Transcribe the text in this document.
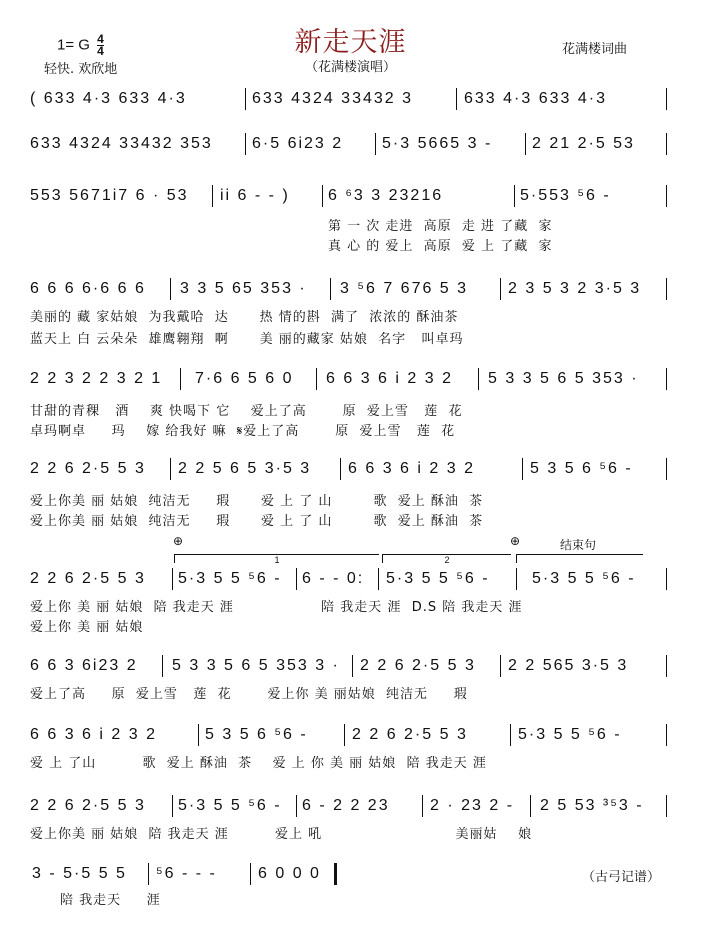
新走天涯
（花满楼演唱）
1= G $\frac{4}{4}$
轻快. 欢欣地
花满楼词曲
（古弓记谱）
( 633 4·3 633 4·3	633 4324 33432 3	633 4·3 633 4·3
633 4324 33432 353 6·5 6i23 2 5·3 5665 3 - 2 21 2·5 53
553 5671i7 6 · 53 ii 6 - - ) 6 ⁶3 3 23216	5·553 ⁵6 -
第 一 次 走进  高原  走 进 了藏  家
真 心 的 爱上  高原  爱 上 了藏  家
6 6 6 6·6 6 6 3 3 5 65 353 · 3 ⁵6 7 676 5 3 2 3 5 3 2 3·5 3
美丽的 藏 家姑娘  为我戴哈  达      热 情的斟  满了  浓浓的 酥油茶
蓝天上 白 云朵朵  雄鹰翱翔  啊      美 丽的藏家 姑娘  名字   叫卓玛
2 2 3 2 2 3 2 1 7·6 6 5 6 0 6 6 3 6 i 2 3 2 5 3 3 5 6 5 353 ·
甘甜的青稞   酒    爽 快喝下 它    爱上了高       原  爱上雪   莲  花
卓玛啊卓     玛    嫁 给我好 嘛  𝄋爱上了高       原  爱上雪   莲  花
2 2 6 2·5 5 3 2 2 5 6 5 3·5 3 6 6 3 6 i 2 3 2	5 3 5 6 ⁵6 -
爱上你美 丽 姑娘  纯洁无     瑕      爱 上 了 山        歌  爱上 酥油  茶
爱上你美 丽 姑娘  纯洁无     瑕      爱 上 了 山        歌  爱上 酥油  茶
2 2 6 2·5 5 3 5·3 5 5 ⁵6 - 6 - - 0: 5·3 5 5 ⁵6 -	5·3 5 5 ⁵6 -
爱上你 美 丽 姑娘  陪 我走天 涯                 陪 我走天 涯  D.S 陪 我走天 涯
爱上你 美 丽 姑娘
⊕	⊕	结束句
1	2
6 6 3 6i23 2 5 3 3 5 6 5 353 3 · 2 2 6 2·5 5 3 2 2 565 3·5 3
爱上了高     原  爱上雪   莲  花       爱上你 美 丽姑娘  纯洁无     瑕
6 6 3 6 i 2 3 2	5 3 5 6 ⁵6 -	2 2 6 2·5 5 3	5·3 5 5 ⁵6 -
爱 上 了山         歌  爱上 酥油  茶    爱 上 你 美 丽 姑娘  陪 我走天 涯
2 2 6 2·5 5 3 5·3 5 5 ⁵6 - 6 - 2 2 23	2 · 23 2 - 2 5 53 ³⁵3 -
爱上你美 丽 姑娘  陪 我走天 涯         爱上 吼                          美丽姑    娘
3 - 5·5 5 5 ⁵6 - - -	6 0 0 0
陪 我走天     涯
